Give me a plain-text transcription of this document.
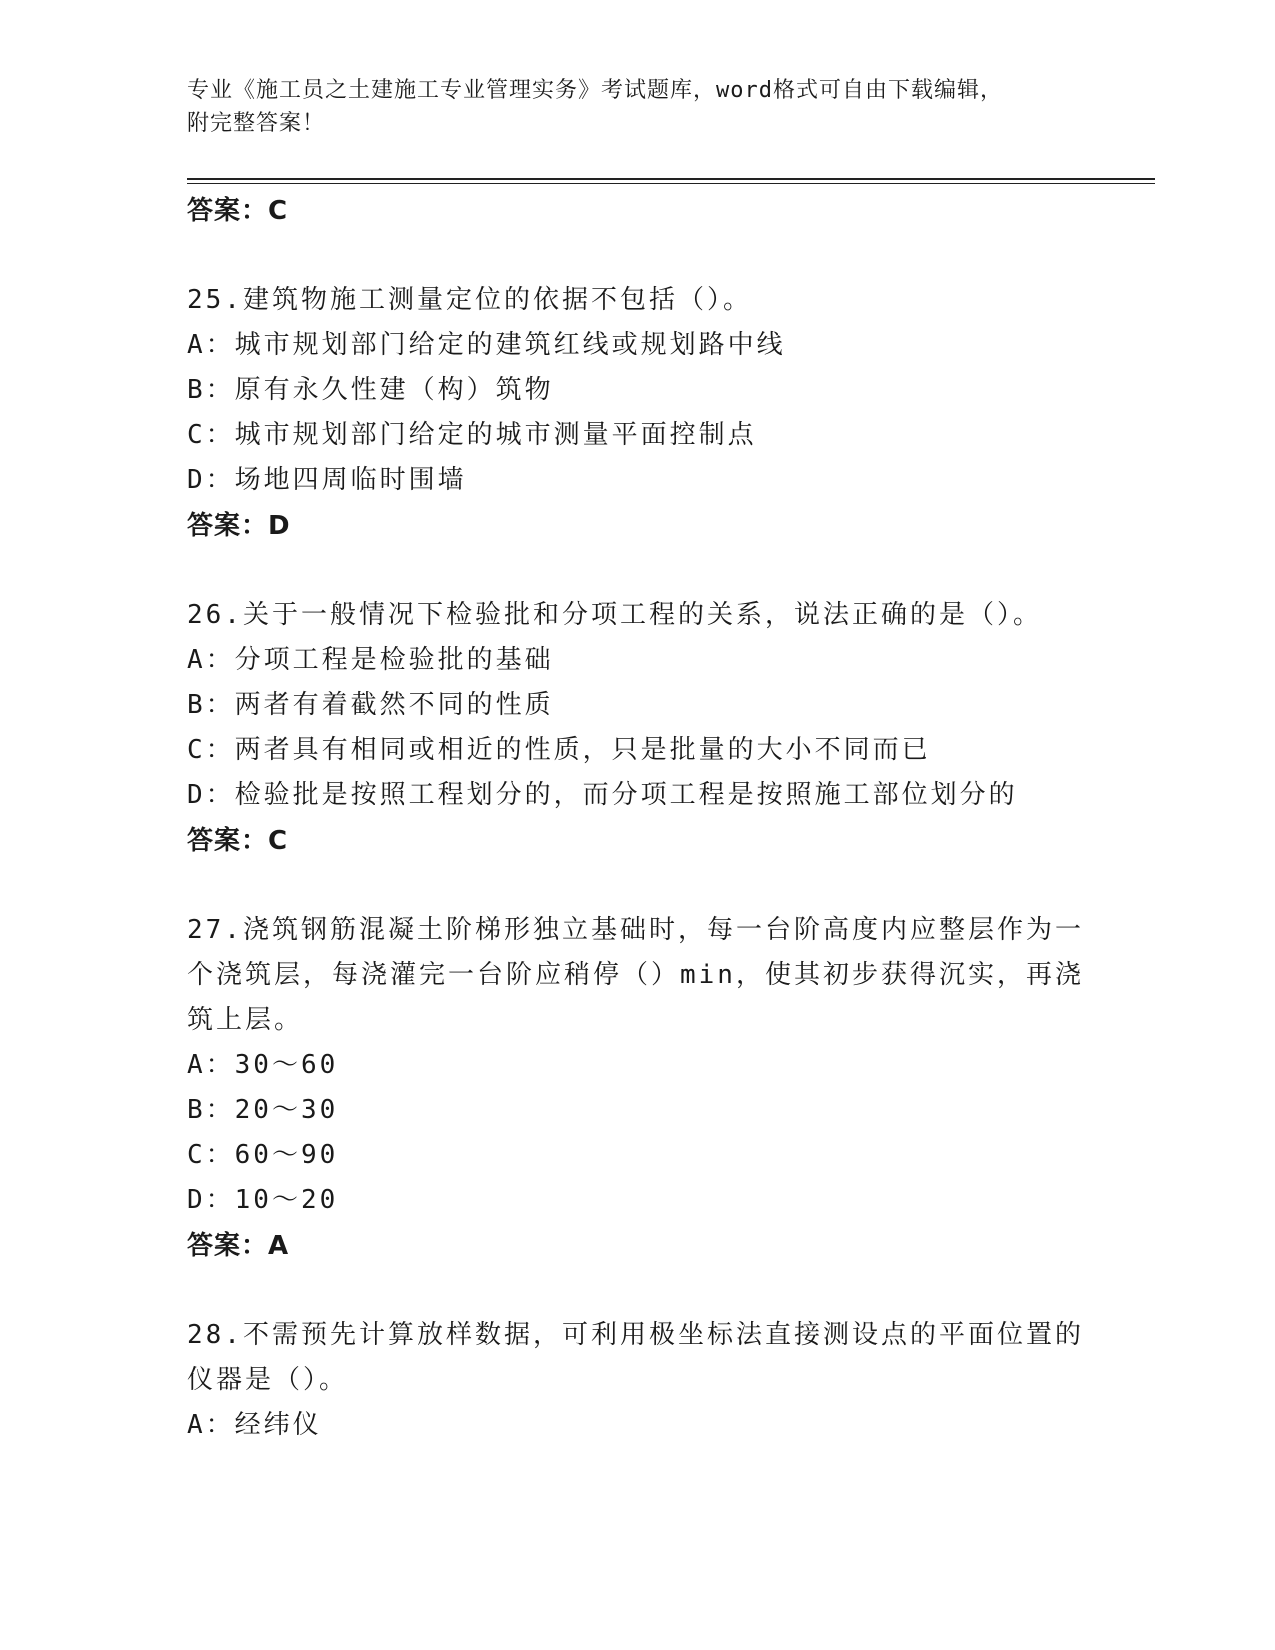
专业《施工员之土建施工专业管理实务》考试题库，word格式可自由下载编辑，
附完整答案！
答案：C
25.建筑物施工测量定位的依据不包括（）。
A：城市规划部门给定的建筑红线或规划路中线
B：原有永久性建（构）筑物
C：城市规划部门给定的城市测量平面控制点
D：场地四周临时围墙
答案：D
26.关于一般情况下检验批和分项工程的关系，说法正确的是（）。
A：分项工程是检验批的基础
B：两者有着截然不同的性质
C：两者具有相同或相近的性质，只是批量的大小不同而已
D：检验批是按照工程划分的，而分项工程是按照施工部位划分的
答案：C
27.浇筑钢筋混凝土阶梯形独立基础时，每一台阶高度内应整层作为一
个浇筑层，每浇灌完一台阶应稍停（）min，使其初步获得沉实，再浇
筑上层。
A：30～60
B：20～30
C：60～90
D：10～20
答案：A
28.不需预先计算放样数据，可利用极坐标法直接测设点的平面位置的
仪器是（）。
A：经纬仪
